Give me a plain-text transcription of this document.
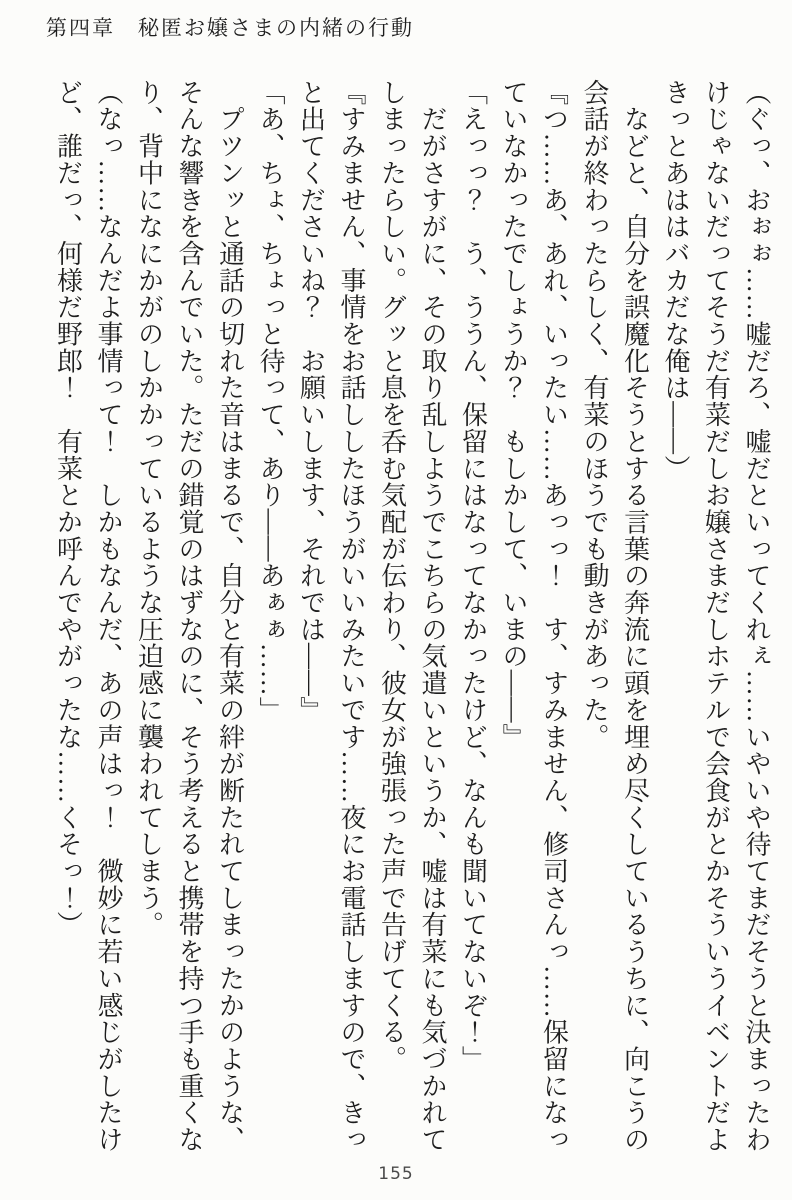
第四章　秘匿お嬢さまの内緒の行動

（ぐっ、おぉぉ……嘘だろ、嘘だといってくれぇ……いやいや待てまだそうと決まったわけじゃないだってそうだ有菜だしお嬢さまだしホテルで会食がとかそういうイベントだよきっとあははバカだな俺は――）

　などと、自分を誤魔化そうとする言葉の奔流に頭を埋め尽くしているうちに、向こうの会話が終わったらしく、有菜のほうでも動きがあった。

『つ……あ、あれ、いったい……あっっ！　す、すみません、修司さんっ……保留になっていなかったでしょうか？　もしかして、いまの――』

「えっっ？　う、ううん、保留にはなってなかったけど、なんも聞いてないぞ！」

　だがさすがに、その取り乱しようでこちらの気遣いというか、嘘は有菜にも気づかれてしまったらしい。グッと息を呑む気配が伝わり、彼女が強張った声で告げてくる。

『すみません、事情をお話ししたほうがいいみたいです……夜にお電話しますので、きっと出てくださいね？　お願いします、それでは――』

「あ、ちょ、ちょっと待って、あり――あぁぁ……」

　プツンッと通話の切れた音はまるで、自分と有菜の絆が断たれてしまったかのような、そんな響きを含んでいた。ただの錯覚のはずなのに、そう考えると携帯を持つ手も重くなり、背中になにかがのしかかっているような圧迫感に襲われてしまう。

（なっ……なんだよ事情って！　しかもなんだ、あの声はっ！　微妙に若い感じがしたけど、誰だっ、何様だ野郎！　有菜とか呼んでやがったな……くそっ！）

155
